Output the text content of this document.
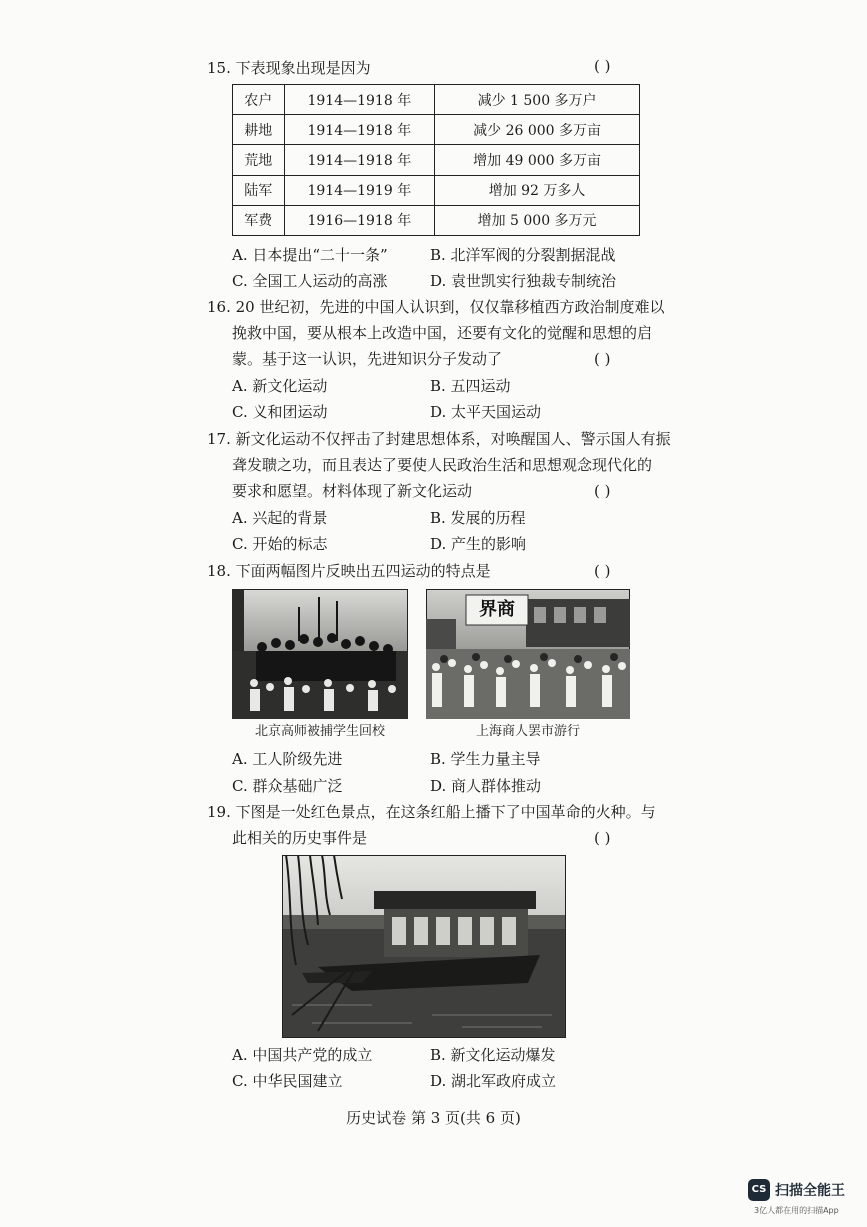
15. 下表现象出现是因为	( )
农户	1914—1918 年	减少 1 500 多万户
耕地	1914—1918 年	减少 26 000 多万亩
荒地	1914—1918 年	增加 49 000 多万亩
陆军	1914—1919 年	增加 92 万多人
军费	1916—1918 年	增加 5 000 多万元
A. 日本提出“二十一条”	B. 北洋军阀的分裂割据混战
C. 全国工人运动的高涨	D. 袁世凯实行独裁专制统治
16. 20 世纪初，先进的中国人认识到，仅仅靠移植西方政治制度难以
挽救中国，要从根本上改造中国，还要有文化的觉醒和思想的启
蒙。基于这一认识，先进知识分子发动了	( )
A. 新文化运动	B. 五四运动
C. 义和团运动	D. 太平天国运动
17. 新文化运动不仅抨击了封建思想体系，对唤醒国人、警示国人有振
聋发聩之功，而且表达了要使人民政治生活和思想观念现代化的
要求和愿望。材料体现了新文化运动	( )
A. 兴起的背景	B. 发展的历程
C. 开始的标志	D. 产生的影响
18. 下面两幅图片反映出五四运动的特点是	( )
界商
北京高师被捕学生回校	上海商人罢市游行
A. 工人阶级先进	B. 学生力量主导
C. 群众基础广泛	D. 商人群体推动
19. 下图是一处红色景点，在这条红船上播下了中国革命的火种。与
此相关的历史事件是	( )
A. 中国共产党的成立	B. 新文化运动爆发
C. 中华民国建立	D. 湖北军政府成立
历史试卷 第 3 页(共 6 页)
CS 扫描全能王
3亿人都在用的扫描App
